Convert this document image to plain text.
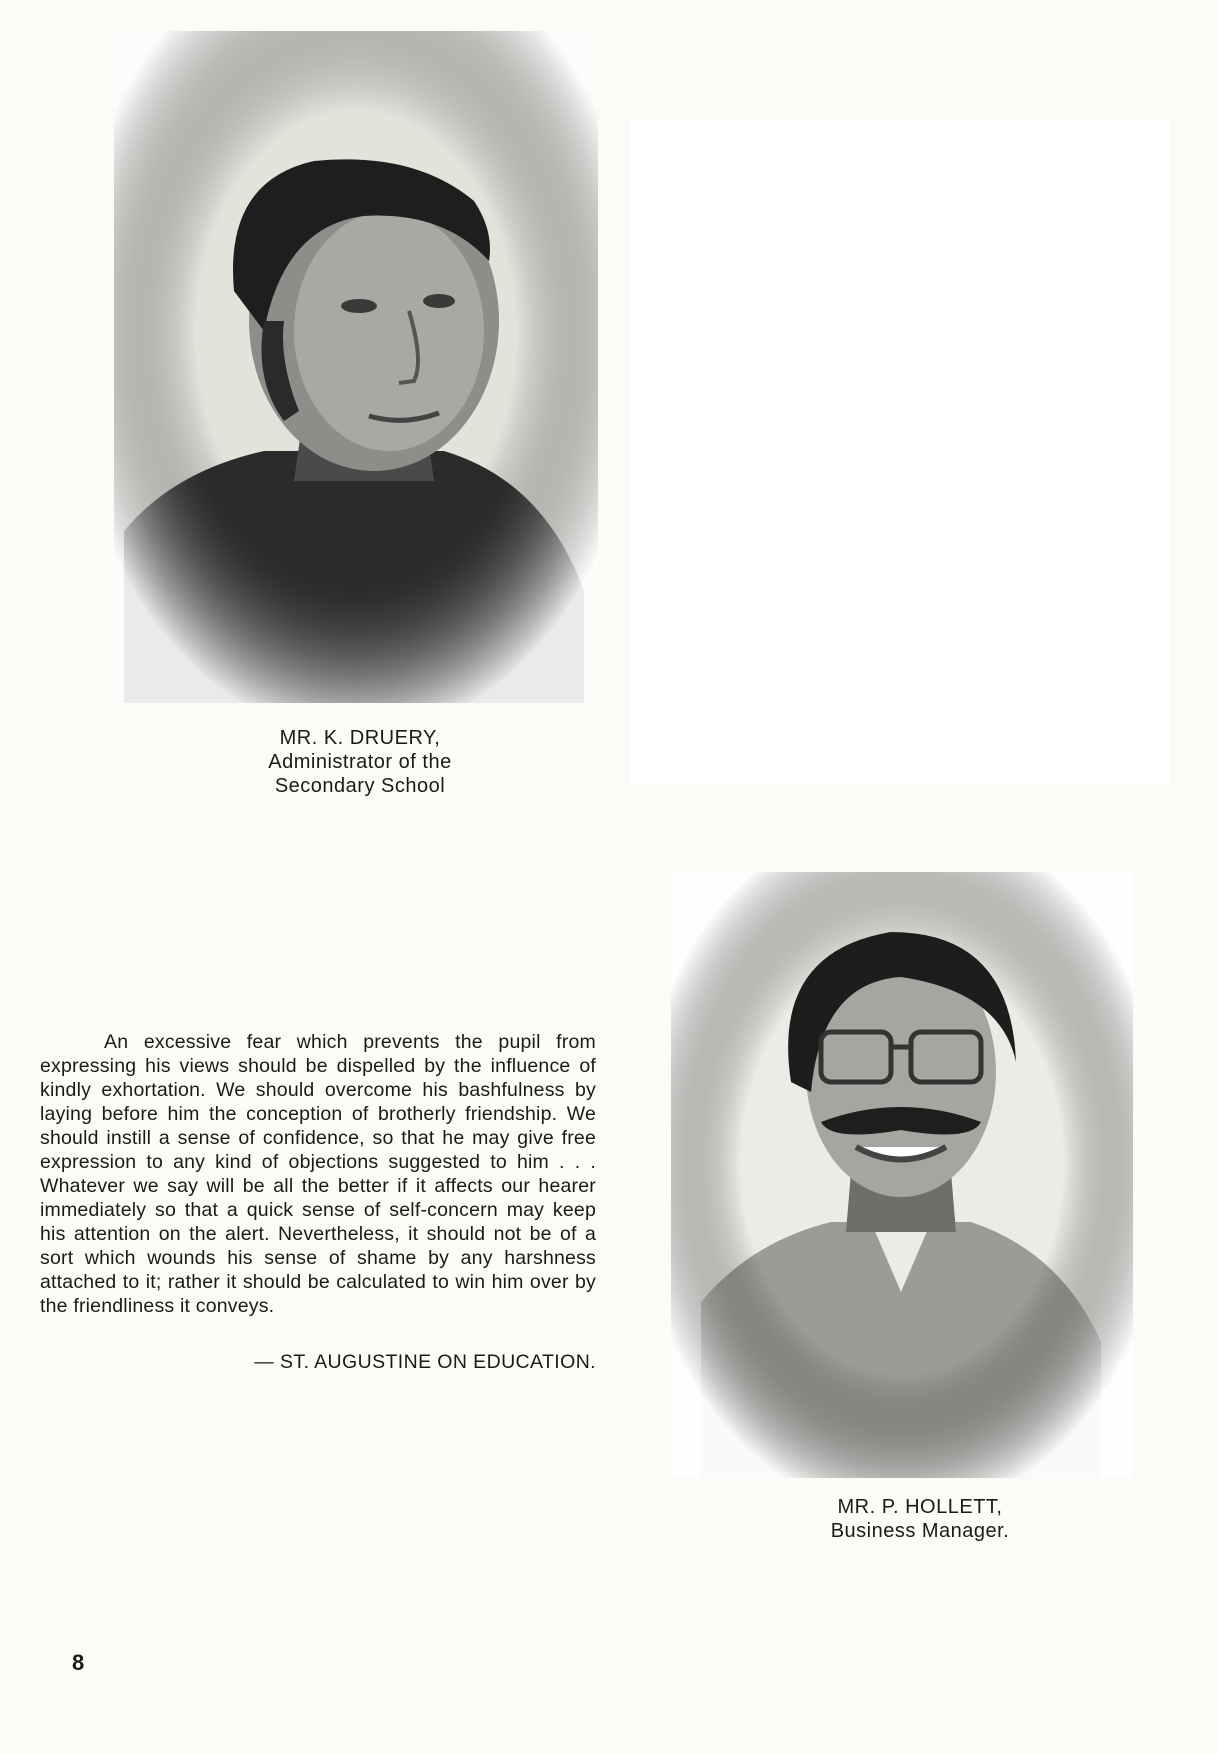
MR. K. DRUERY,
Administrator of the
Secondary School

An excessive fear which prevents the pupil from expressing his views should be dispelled by the influence of kindly exhortation. We should overcome his bashfulness by laying before him the conception of brotherly friendship. We should instill a sense of confidence, so that he may give free expression to any kind of objections suggested to him . . . Whatever we say will be all the better if it affects our hearer immediately so that a quick sense of self-concern may keep his attention on the alert. Nevertheless, it should not be of a sort which wounds his sense of shame by any harshness attached to it; rather it should be calculated to win him over by the friendliness it conveys.

— ST. AUGUSTINE ON EDUCATION.
MR. P. HOLLETT,
Business Manager.
8
